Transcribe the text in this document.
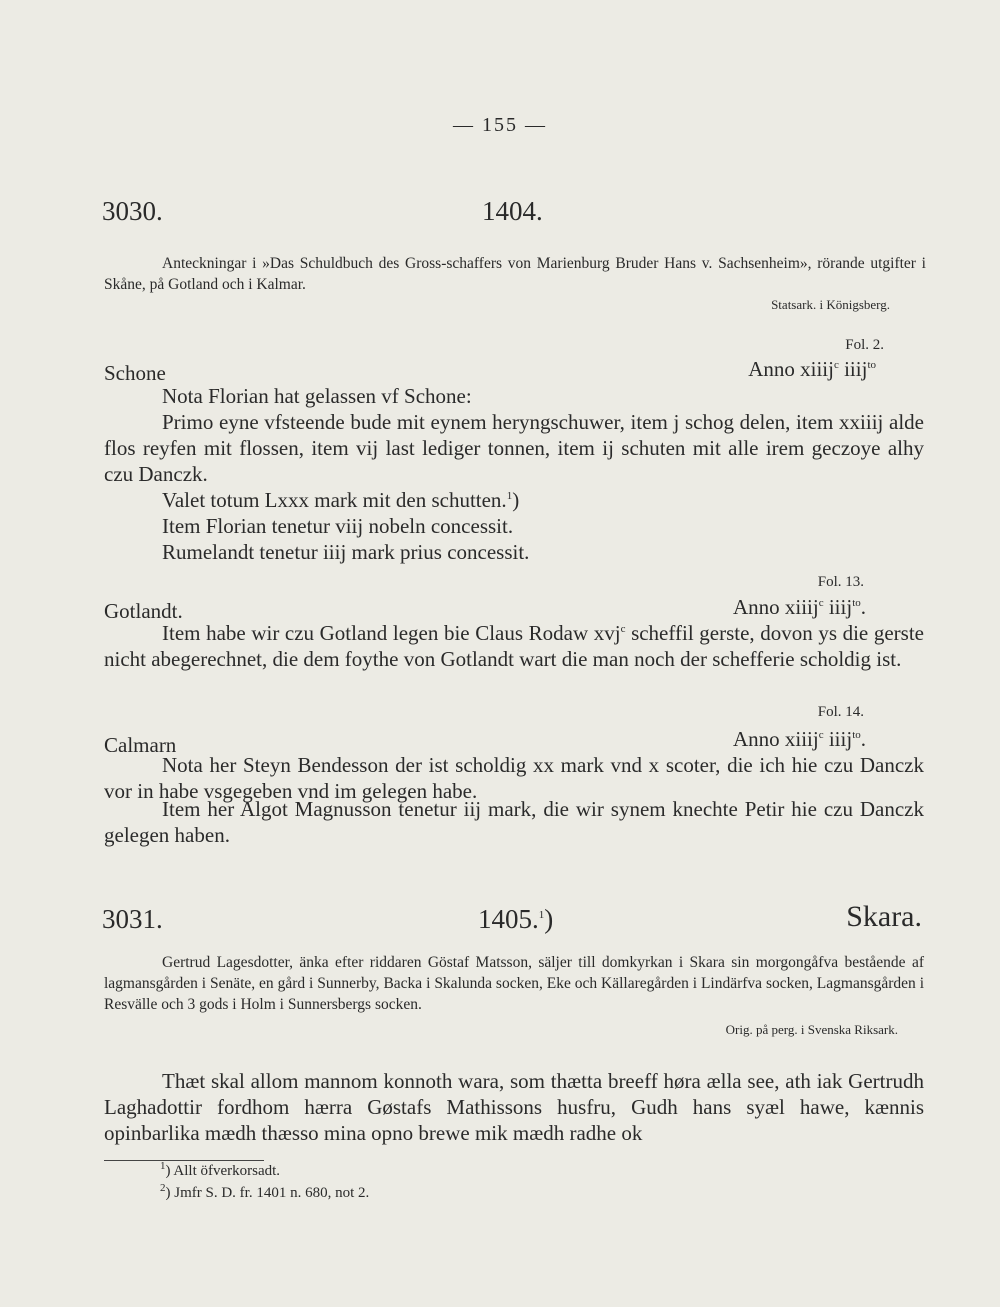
— 155 —
3030.	1404.
Anteckningar i »Das Schuldbuch des Gross-schaffers von Marienburg Bruder Hans v. Sachsenheim», rörande utgifter i Skåne, på Gotland och i Kalmar.
Statsark. i Königsberg.
Fol. 2.
Schone	Anno xiiij$^c$ iiij$^{to}$
Nota Florian hat gelassen vf Schone:
Primo eyne vfsteende bude mit eynem heryngschuwer, item j schog delen, item xxiiij alde flos reyfen mit flossen, item vij last lediger tonnen, item ij schuten mit alle irem geczoye alhy czu Danczk.
Valet totum Lxxx mark mit den schutten.$^1$)
Item Florian tenetur viij nobeln concessit.
Rumelandt tenetur iiij mark prius concessit.
Fol. 13.
Gotlandt.	Anno xiiij$^c$ iiij$^{to}$.
Item habe wir czu Gotland legen bie Claus Rodaw xvj$^c$ scheffil gerste, dovon ys die gerste nicht abegerechnet, die dem foythe von Gotlandt wart die man noch der schefferie scholdig ist.
Fol. 14.
Calmarn	Anno xiiij$^c$ iiij$^{to}$.
Nota her Steyn Bendesson der ist scholdig xx mark vnd x scoter, die ich hie czu Danczk vor in habe vsgegeben vnd im gelegen habe.
Item her Algot Magnusson tenetur iij mark, die wir synem knechte Petir hie czu Danczk gelegen haben.
3031.	1405.$^1$)	Skara.
Gertrud Lagesdotter, änka efter riddaren Göstaf Matsson, säljer till domkyrkan i Skara sin morgongåfva bestående af lagmansgården i Senäte, en gård i Sunnerby, Backa i Skalunda socken, Eke och Källaregården i Lindärfva socken, Lagmansgården i Resvälle och 3 gods i Holm i Sunnersbergs socken.
Orig. på perg. i Svenska Riksark.
Thæt skal allom mannom konnoth wara, som thætta breeff høra ælla see, ath iak Gertrudh Laghadottir fordhom hærra Gøstafs Mathissons husfru, Gudh hans syæl hawe, kænnis opinbarlika mædh thæsso mina opno brewe mik mædh radhe ok
$^1$) Allt öfverkorsadt.
$^2$) Jmfr S. D. fr. 1401 n. 680, not 2.
